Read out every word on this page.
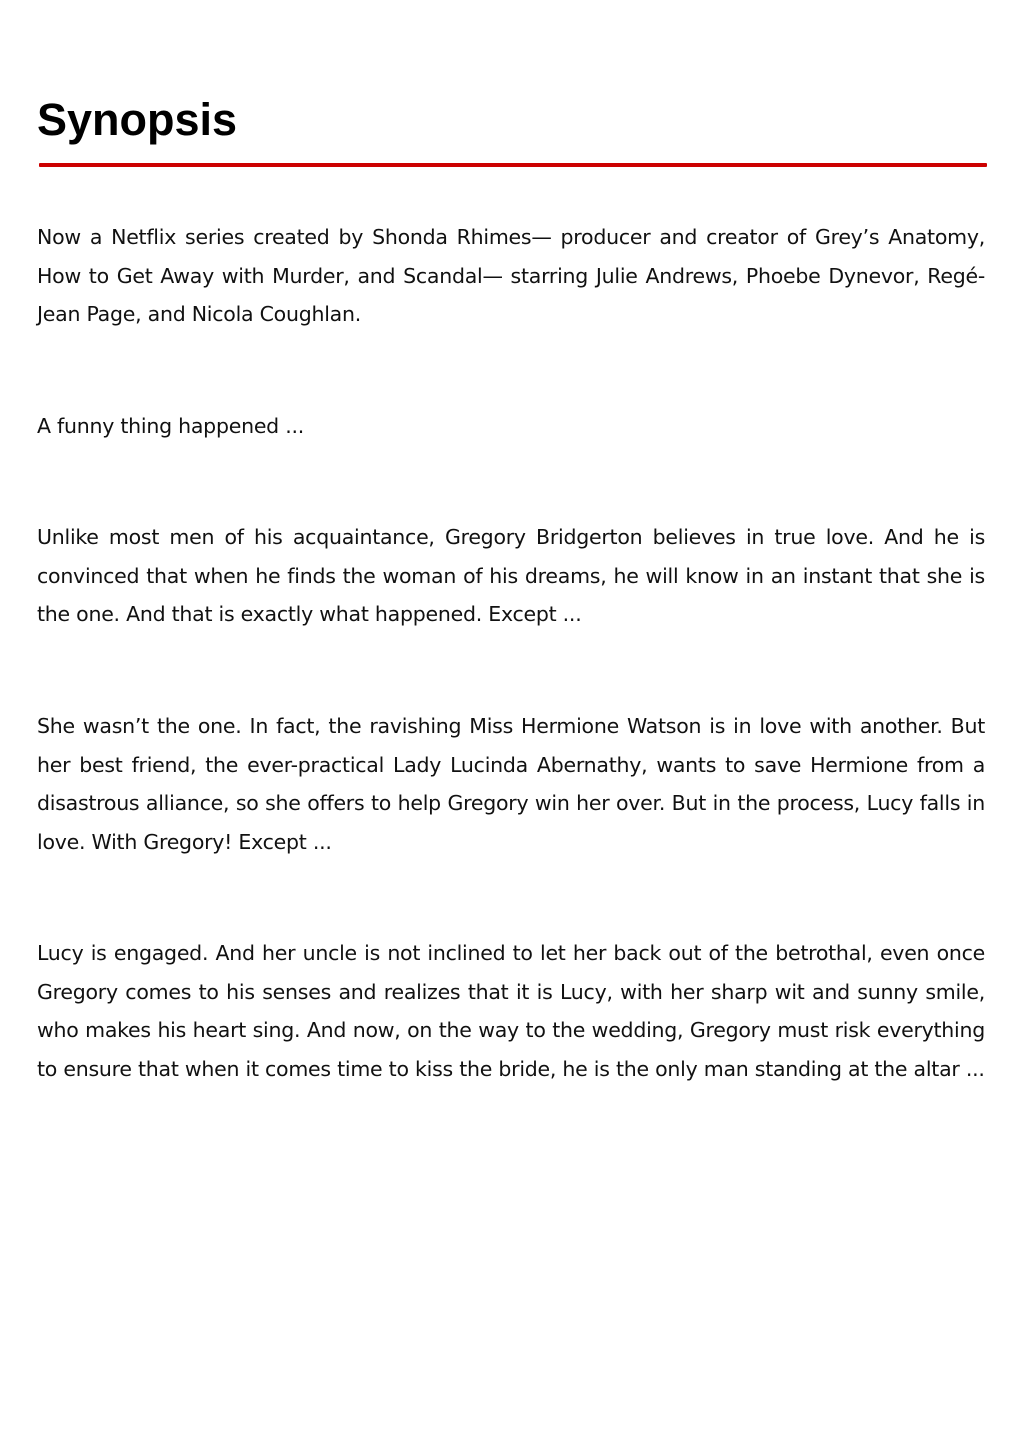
Synopsis

Now a Netflix series created by Shonda Rhimes— producer and creator of Grey’s Anatomy, How to Get Away with Murder, and Scandal— starring Julie Andrews, Phoebe Dynevor, Regé-Jean Page, and Nicola Coughlan.

A funny thing happened ...

Unlike most men of his acquaintance, Gregory Bridgerton believes in true love. And he is convinced that when he finds the woman of his dreams, he will know in an instant that she is the one. And that is exactly what happened. Except ...

She wasn’t the one. In fact, the ravishing Miss Hermione Watson is in love with another. But her best friend, the ever-practical Lady Lucinda Abernathy, wants to save Hermione from a disastrous alliance, so she offers to help Gregory win her over. But in the process, Lucy falls in love. With Gregory! Except ...

Lucy is engaged. And her uncle is not inclined to let her back out of the betrothal, even once Gregory comes to his senses and realizes that it is Lucy, with her sharp wit and sunny smile, who makes his heart sing. And now, on the way to the wedding, Gregory must risk everything to ensure that when it comes time to kiss the bride, he is the only man standing at the altar ...
